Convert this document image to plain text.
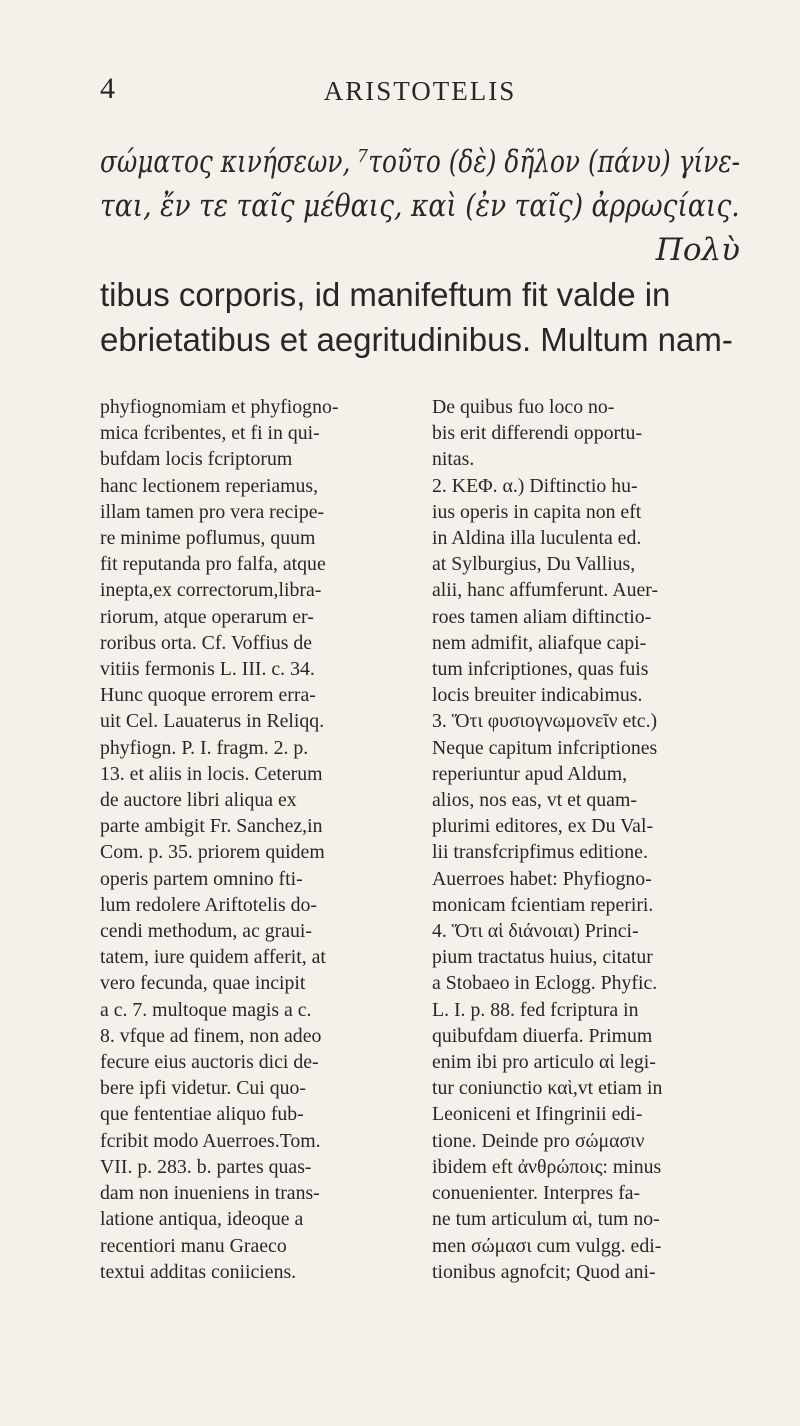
4	ARISTOTELIS
σώματος κινήσεων, ⁷τοῦτο (δὲ) δῆλον (πάνυ) γίνε-
ται, ἔν τε ταῖς μέθαις, καὶ (ἐν ταῖς) ἀρρωςίαις.
Πολὺ
tibus corporis, id manifeftum fit valde in
ebrietatibus et aegritudinibus. Multum nam-
phyfiognomiam et phyfiogno-
mica fcribentes, et fi in qui-
bufdam locis fcriptorum
hanc lectionem reperiamus,
illam tamen pro vera recipe-
re minime poflumus, quum
fit reputanda pro falfa, atque
inepta,ex correctorum,libra-
riorum, atque operarum er-
roribus orta. Cf. Voffius de
vitiis fermonis L. III. c. 34.
Hunc quoque errorem erra-
uit Cel. Lauaterus in Reliqq.
phyfiogn. P. I. fragm. 2. p.
13. et aliis in locis. Ceterum
de auctore libri aliqua ex
parte ambigit Fr. Sanchez,in
Com. p. 35. priorem quidem
operis partem omnino fti-
lum redolere Ariftotelis do-
cendi methodum, ac graui-
tatem, iure quidem afferit, at
vero fecunda, quae incipit
a c. 7. multoque magis a c.
8. vfque ad finem, non adeo
fecure eius auctoris dici de-
bere ipfi videtur. Cui quo-
que fententiae aliquo fub-
fcribit modo Auerroes.Tom.
VII. p. 283. b. partes quas-
dam non inueniens in trans-
latione antiqua, ideoque a
recentiori manu Graeco
textui additas coniiciens.
De quibus fuo loco no-
bis erit differendi opportu-
nitas.
2. ΚΕΦ. α.) Diftinctio hu-
ius operis in capita non eft
in Aldina illa luculenta ed.
at Sylburgius, Du Vallius,
alii, hanc affumferunt. Auer-
roes tamen aliam diftinctio-
nem admifit, aliafque capi-
tum infcriptiones, quas fuis
locis breuiter indicabimus.
3. Ὅτι φυσιογνωμονεῖν etc.)
Neque capitum infcriptiones
reperiuntur apud Aldum,
alios, nos eas, vt et quam-
plurimi editores, ex Du Val-
lii transfcripfimus editione.
Auerroes habet: Phyfiogno-
monicam fcientiam reperiri.
4. Ὅτι αἱ διάνοιαι) Princi-
pium tractatus huius, citatur
a Stobaeo in Eclogg. Phyfic.
L. I. p. 88. fed fcriptura in
quibufdam diuerfa. Primum
enim ibi pro articulo αἱ legi-
tur coniunctio καὶ,vt etiam in
Leoniceni et Ifingrinii edi-
tione. Deinde pro σώμασιν
ibidem eft ἀνθρώποις: minus
conuenienter. Interpres fa-
ne tum articulum αἱ, tum no-
men σώμασι cum vulgg. edi-
tionibus agnofcit; Quod ani-
